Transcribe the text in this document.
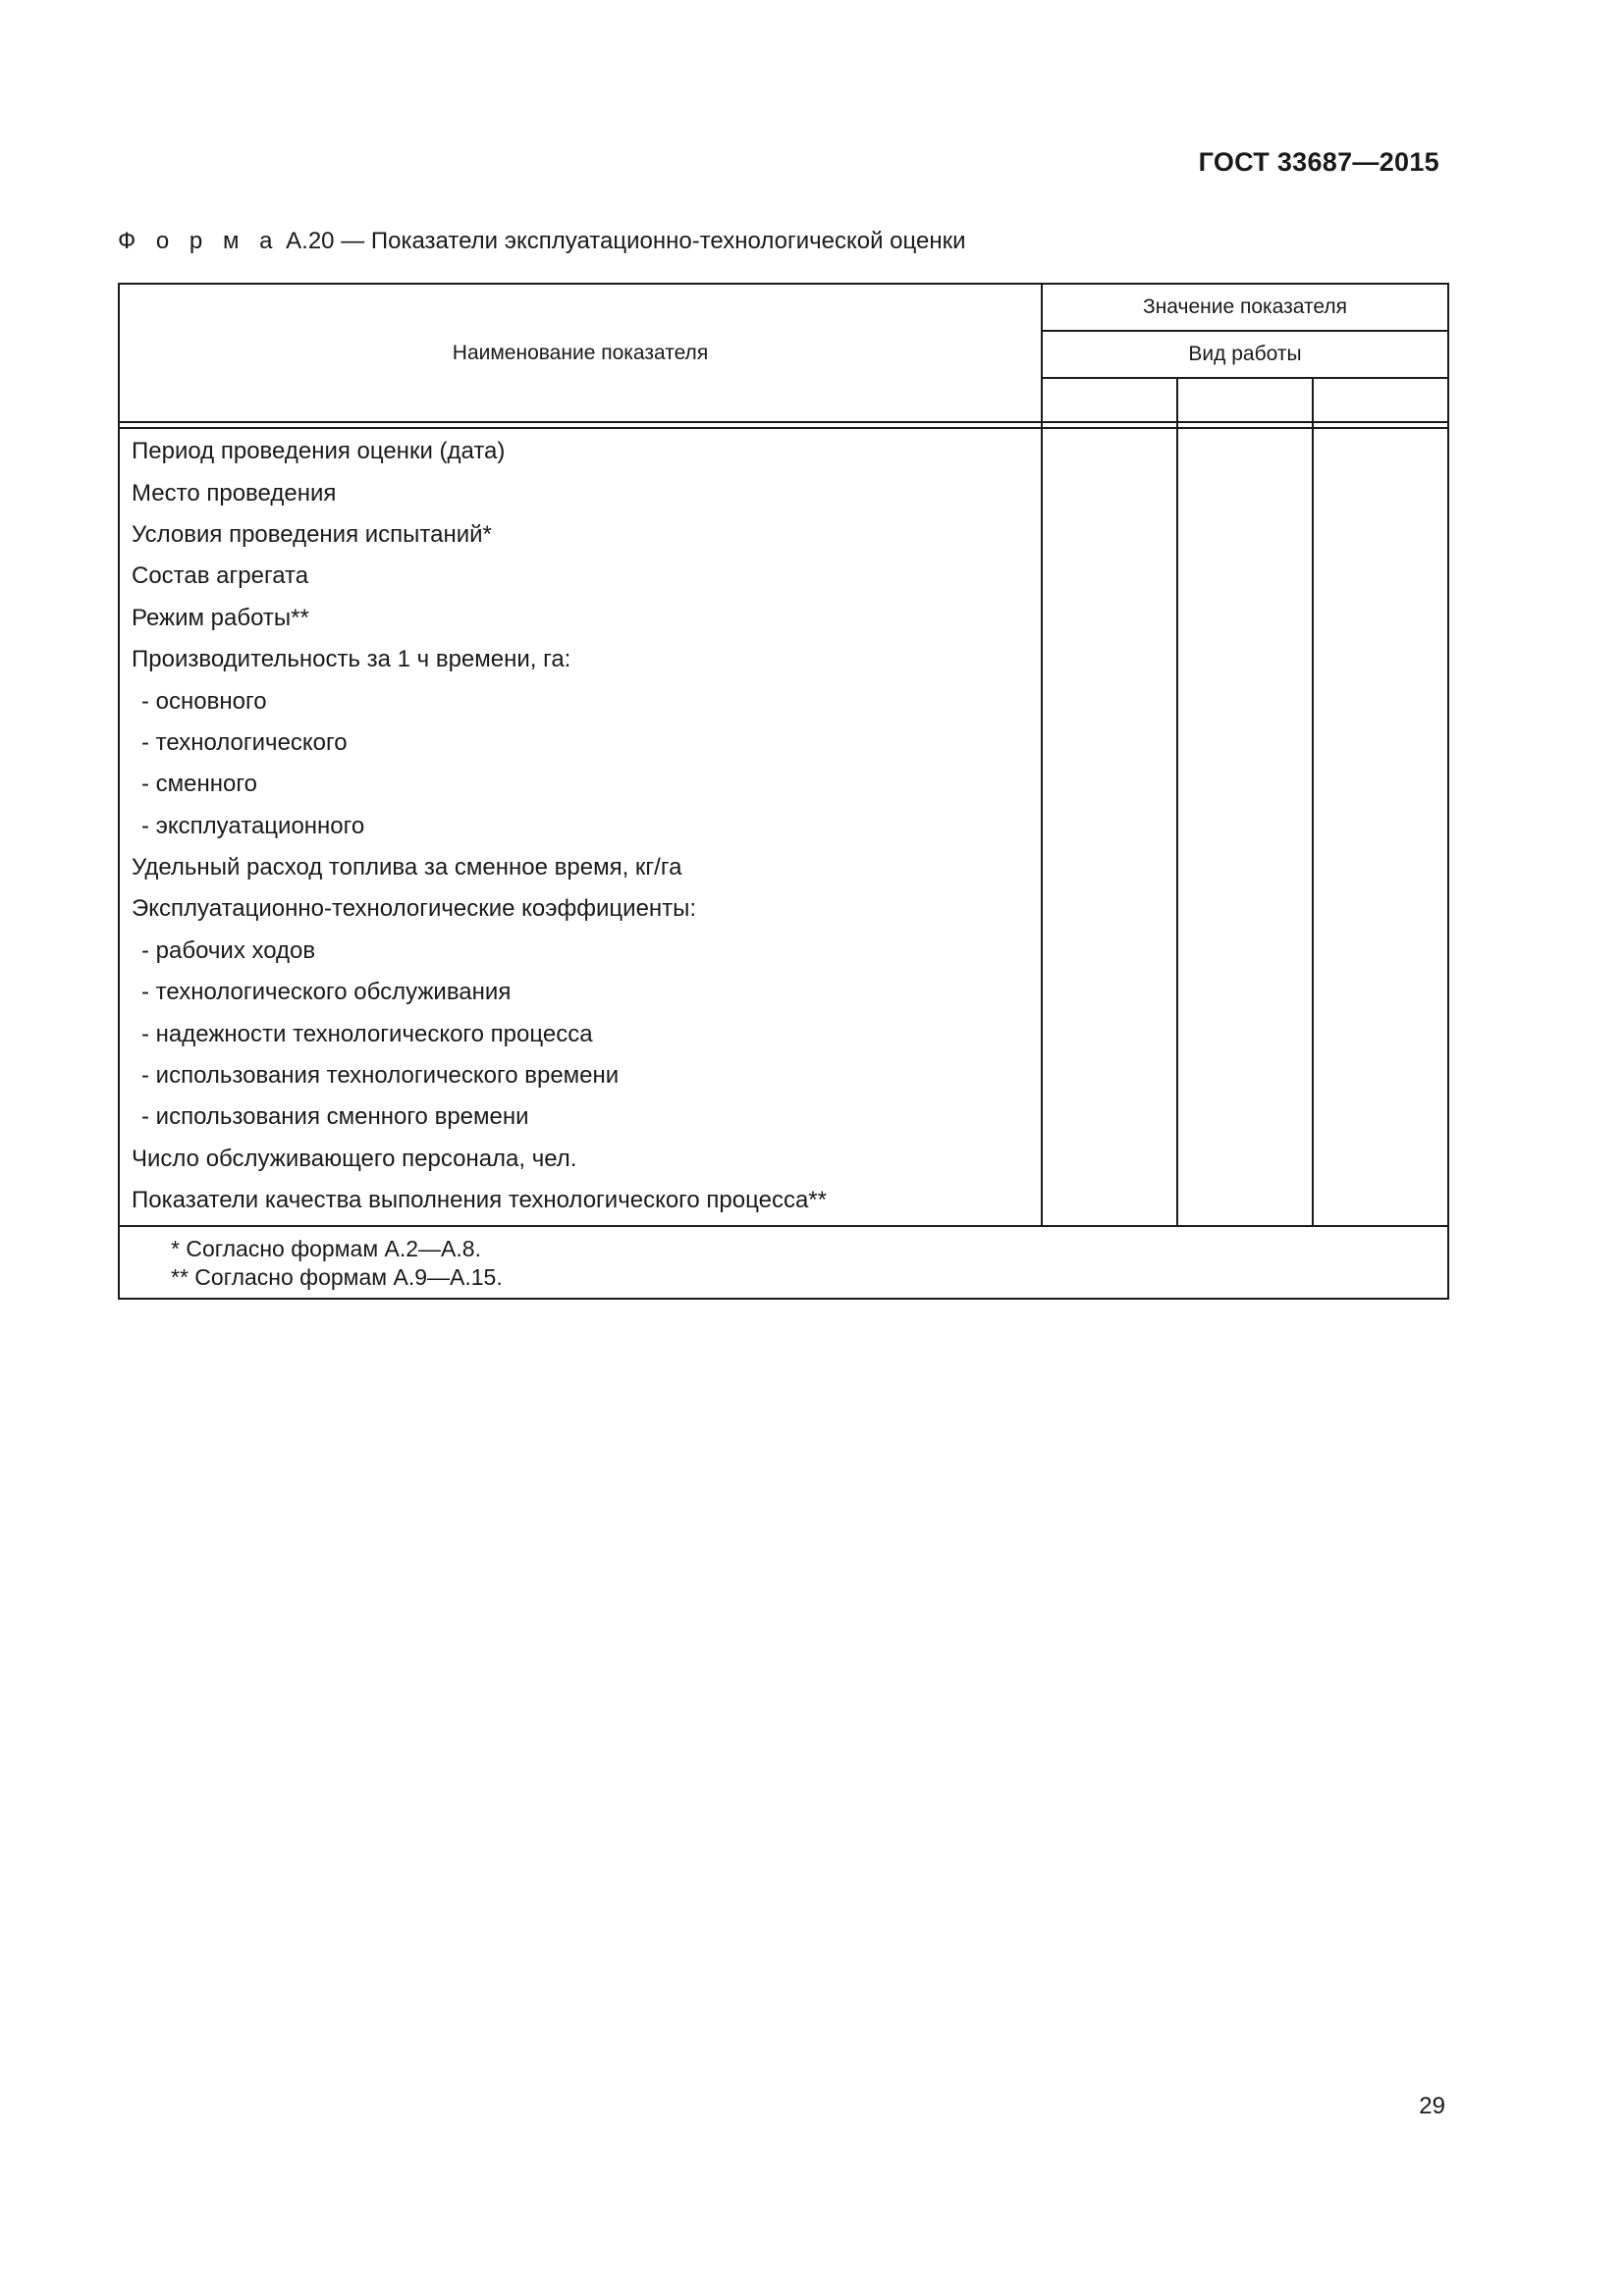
ГОСТ 33687—2015
Ф о р м а А.20 — Показатели эксплуатационно-технологической оценки
Наименование показателя	Значение показателя		
	Вид работы		

Период проведения оценки (дата)			
Место проведения			
Условия проведения испытаний*			
Состав агрегата			
Режим работы**			
Производительность за 1 ч времени, га:			
- основного			
- технологического			
- сменного			
- эксплуатационного			
Удельный расход топлива за сменное время, кг/га			
Эксплуатационно-технологические коэффициенты:			
- рабочих ходов			
- технологического обслуживания			
- надежности технологического процесса			
- использования технологического времени			
- использования сменного времени			
Число обслуживающего персонала, чел.			
Показатели качества выполнения технологического процесса**			

* Согласно формам А.2—А.8.
** Согласно формам А.9—А.15.			
29
